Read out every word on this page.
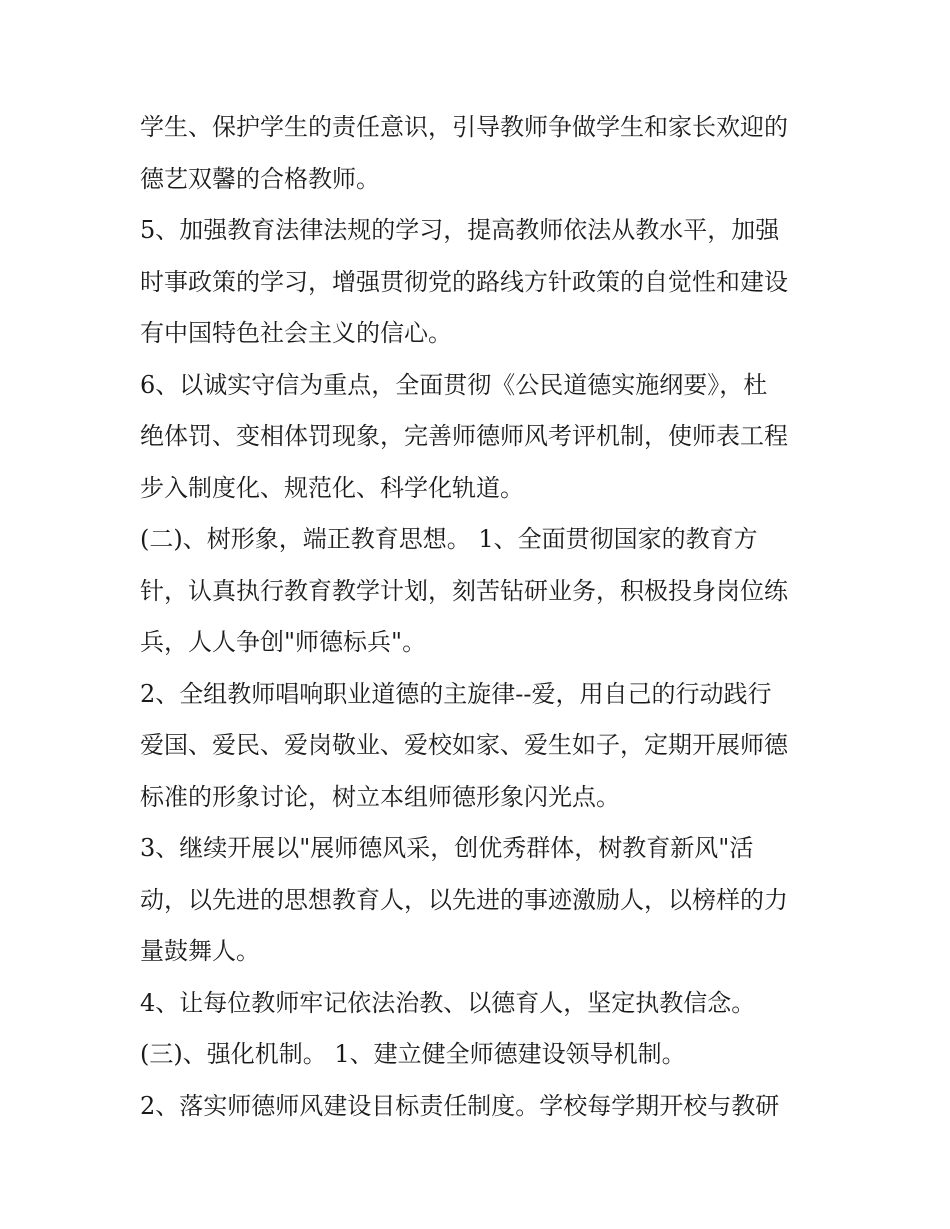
学生、保护学生的责任意识，引导教师争做学生和家长欢迎的
德艺双馨的合格教师。
5、加强教育法律法规的学习，提高教师依法从教水平，加强
时事政策的学习，增强贯彻党的路线方针政策的自觉性和建设
有中国特色社会主义的信心。
6、以诚实守信为重点，全面贯彻《公民道德实施纲要》，杜
绝体罚、变相体罚现象，完善师德师风考评机制，使师表工程
步入制度化、规范化、科学化轨道。
(二)、树形象，端正教育思想。 1、全面贯彻国家的教育方
针，认真执行教育教学计划，刻苦钻研业务，积极投身岗位练
兵，人人争创"师德标兵"。
2、全组教师唱响职业道德的主旋律--爱，用自己的行动践行
爱国、爱民、爱岗敬业、爱校如家、爱生如子，定期开展师德
标准的形象讨论，树立本组师德形象闪光点。
3、继续开展以"展师德风采，创优秀群体，树教育新风"活
动，以先进的思想教育人，以先进的事迹激励人，以榜样的力
量鼓舞人。
4、让每位教师牢记依法治教、以德育人，坚定执教信念。
(三)、强化机制。 1、建立健全师德建设领导机制。
2、落实师德师风建设目标责任制度。学校每学期开校与教研
